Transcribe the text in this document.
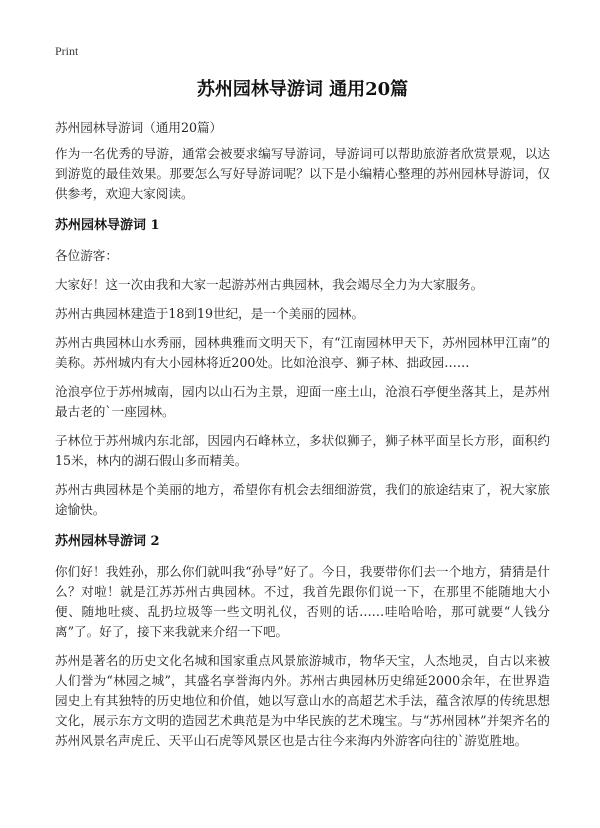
Print
苏州园林导游词 通用20篇

苏州园林导游词（通用20篇）

作为一名优秀的导游，通常会被要求编写导游词，导游词可以帮助旅游者欣赏景观，以达到游览的最佳效果。那要怎么写好导游词呢？以下是小编精心整理的苏州园林导游词，仅供参考，欢迎大家阅读。

苏州园林导游词 1

各位游客：

大家好！这一次由我和大家一起游苏州古典园林，我会竭尽全力为大家服务。

苏州古典园林建造于18到19世纪，是一个美丽的园林。

苏州古典园林山水秀丽，园林典雅而文明天下，有“江南园林甲天下，苏州园林甲江南”的美称。苏州城内有大小园林将近200处。比如沧浪亭、狮子林、拙政园……

沧浪亭位于苏州城南，园内以山石为主景，迎面一座土山，沧浪石亭便坐落其上，是苏州最古老的`一座园林。

子林位于苏州城内东北部，因园内石峰林立，多状似狮子，狮子林平面呈长方形，面积约15米，林内的湖石假山多而精美。

苏州古典园林是个美丽的地方，希望你有机会去细细游赏，我们的旅途结束了，祝大家旅途愉快。

苏州园林导游词 2

你们好！我姓孙，那么你们就叫我“孙导”好了。今日，我要带你们去一个地方，猜猜是什么？对啦！就是江苏苏州古典园林。不过，我首先跟你们说一下，在那里不能随地大小便、随地吐痰、乱扔垃圾等一些文明礼仪，否则的话……哇哈哈哈，那可就要“人钱分离”了。好了，接下来我就来介绍一下吧。

苏州是著名的历史文化名城和国家重点风景旅游城市，物华天宝，人杰地灵，自古以来被人们誉为“林园之城”，其盛名享誉海内外。苏州古典园林历史绵延2000余年，在世界造园史上有其独特的历史地位和价值，她以写意山水的高超艺术手法，蕴含浓厚的传统思想文化，展示东方文明的造园艺术典范是为中华民族的艺术瑰宝。与“苏州园林”并架齐名的苏州风景名声虎丘、天平山石虎等风景区也是古往今来海内外游客向往的`游览胜地。
